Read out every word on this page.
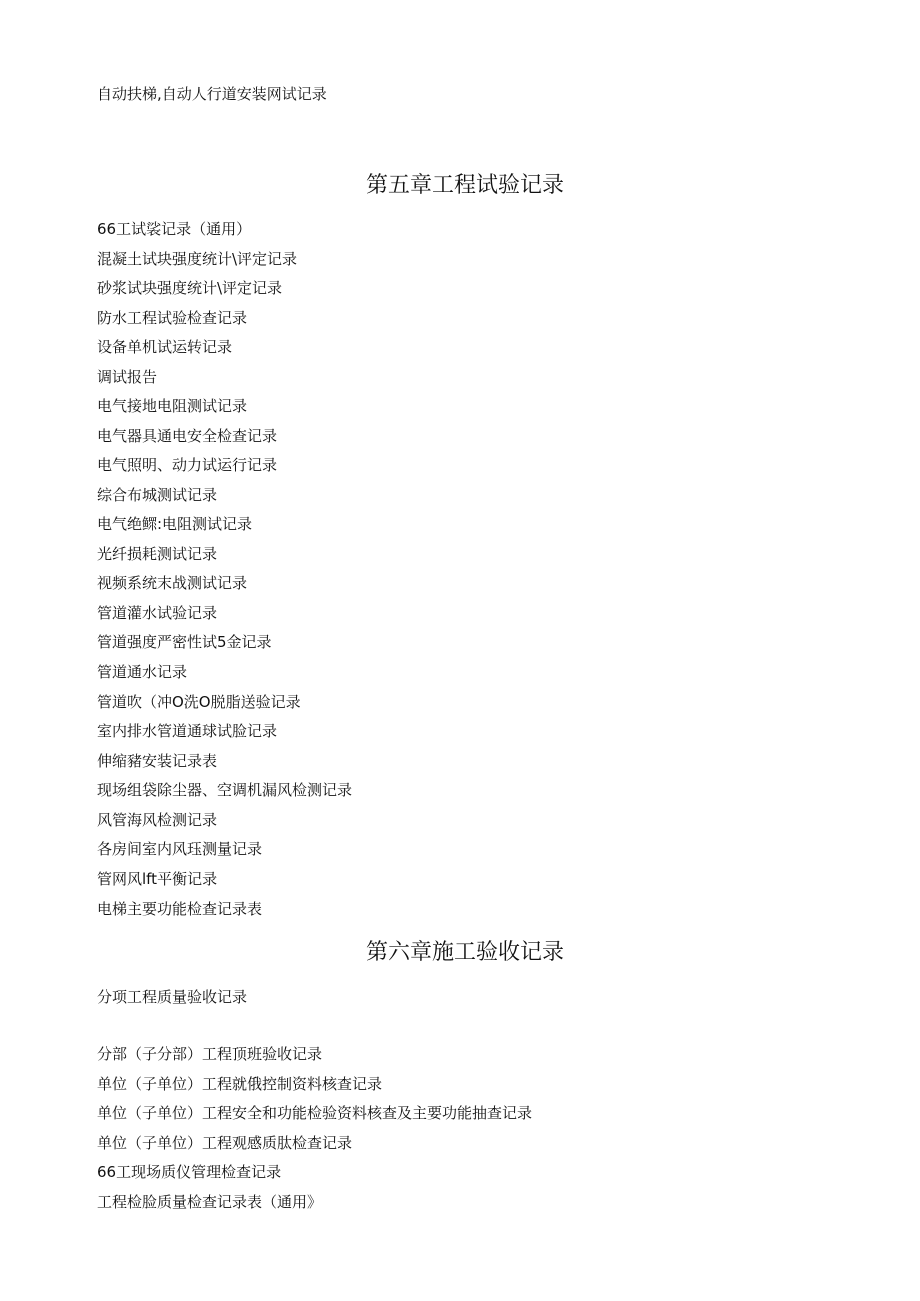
自动扶梯,自动人行道安装网试记录
第五章工程试验记录
66工试裟记录（通用）
混凝土试块强度统计\评定记录
砂浆试块强度统计\评定记录
防水工程试验检查记录
设备单机试运转记录
调试报告
电气接地电阻测试记录
电气器具通电安全检查记录
电气照明、动力试运行记录
综合布城测试记录
电气绝鳏:电阻测试记录
光纤损耗测试记录
视频系统末战测试记录
管道灌水试验记录
管道强度严密性试5金记录
管道通水记录
管道吹（冲O洗O脱脂送验记录
室内排水管道通球试脸记录
伸缩豬安装记录表
现场组袋除尘器、空调机漏风检测记录
风管海风检测记录
各房间室内风珏测量记录
管网风lft平衡记录
电梯主要功能检查记录表
第六章施工验收记录
分项工程质量验收记录
分部（子分部）工程顶班验收记录
单位（子单位）工程就俄控制资料核查记录
单位（子单位）工程安全和功能检验资料核查及主要功能抽查记录
单位（子单位）工程观感质肽检查记录
66工现场质仪管理检查记录
工程检脸质量检查记录表（通用》
